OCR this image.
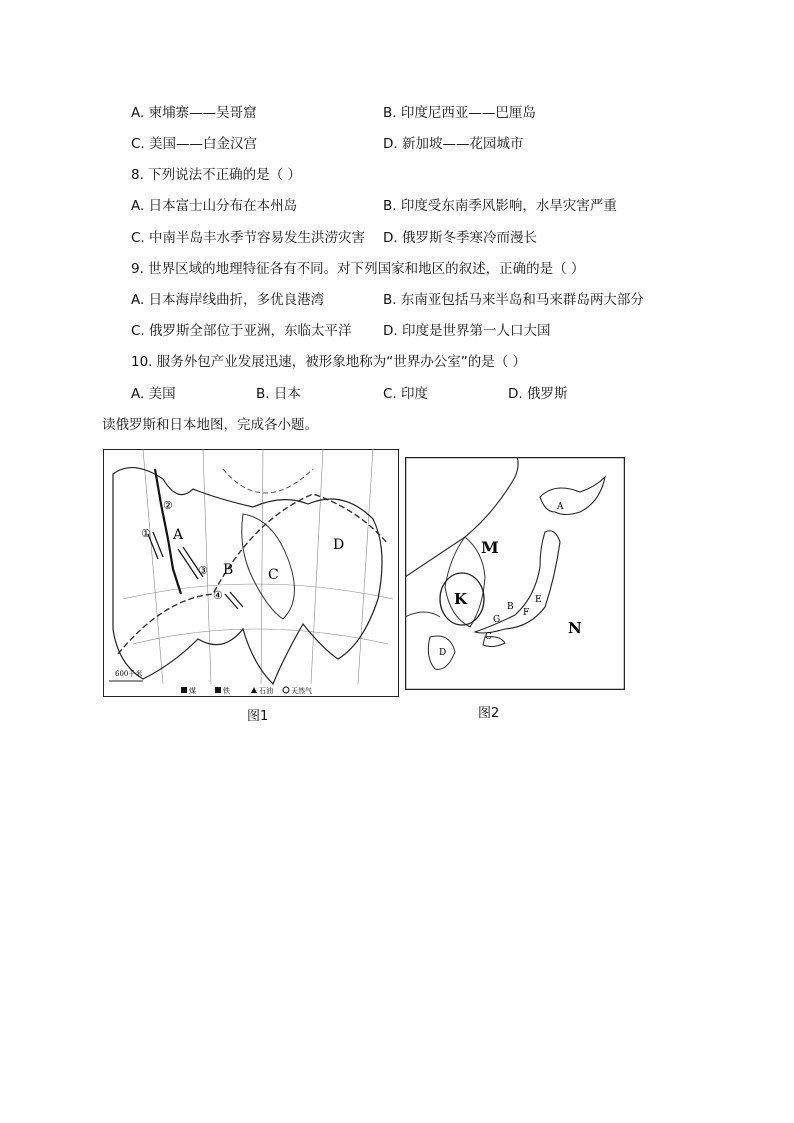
A. 柬埔寨——吴哥窟	B. 印度尼西亚——巴厘岛
C. 美国——白金汉宫	D. 新加坡——花园城市
8. 下列说法不正确的是（ ）
A. 日本富士山分布在本州岛	B. 印度受东南季风影响，水旱灾害严重
C. 中南半岛丰水季节容易发生洪涝灾害 D. 俄罗斯冬季寒冷而漫长
9. 世界区域的地理特征各有不同。对下列国家和地区的叙述，正确的是（ ）
A. 日本海岸线曲折，多优良港湾	B. 东南亚包括马来半岛和马来群岛两大部分
C. 俄罗斯全部位于亚洲，东临太平洋 D. 印度是世界第一人口大国
10. 服务外包产业发展迅速，被形象地称为“世界办公室”的是（ ）
A. 美国	B. 日本	C. 印度	D. 俄罗斯
读俄罗斯和日本地图，完成各小题。
A
B C
D
①
②
③
④
600千米
煤	铁	石油	天然气
图1
M
K
N
A
B
C
D
E
F
G
图2
